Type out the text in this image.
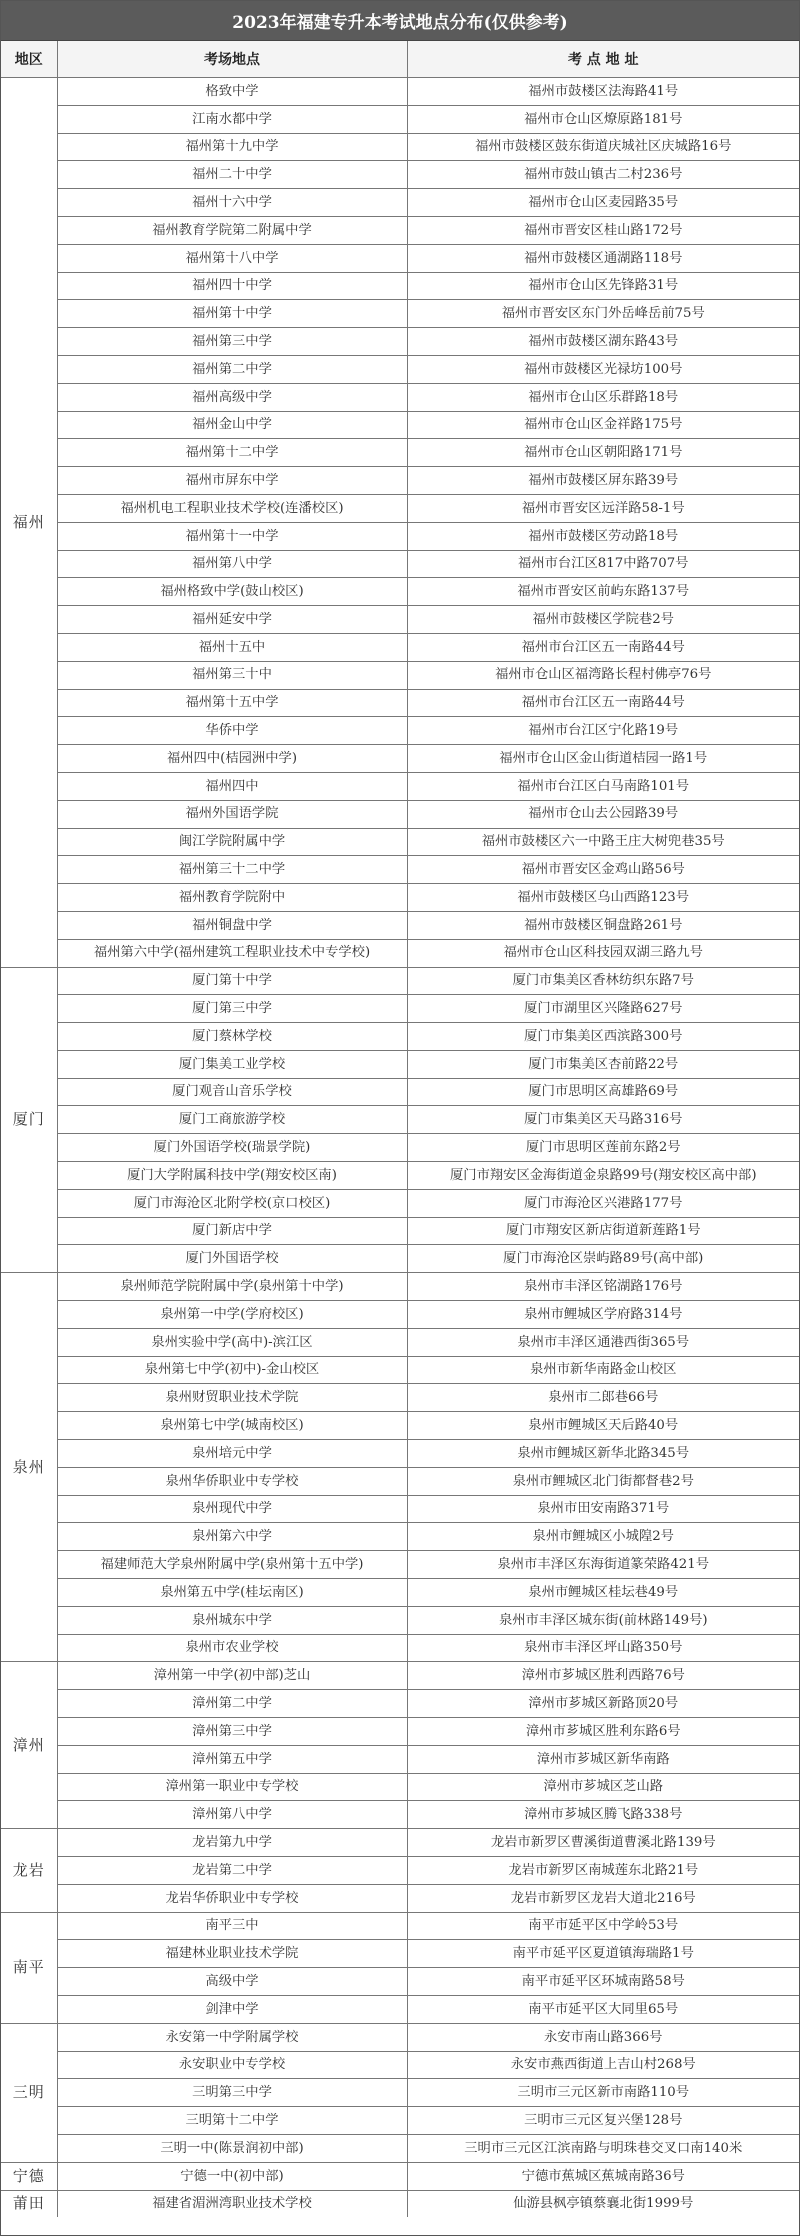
2023年福建专升本考试地点分布(仅供参考)
地区	考场地点	考 点 地 址
福州	格致中学	福州市鼓楼区法海路41号
	江南水都中学	福州市仓山区燎原路181号
	福州第十九中学	福州市鼓楼区鼓东街道庆城社区庆城路16号
	福州二十中学	福州市鼓山镇古二村236号
	福州十六中学	福州市仓山区麦园路35号
	福州教育学院第二附属中学	福州市晋安区桂山路172号
	福州第十八中学	福州市鼓楼区通湖路118号
	福州四十中学	福州市仓山区先锋路31号
	福州第十中学	福州市晋安区东门外岳峰岳前75号
	福州第三中学	福州市鼓楼区湖东路43号
	福州第二中学	福州市鼓楼区光禄坊100号
	福州高级中学	福州市仓山区乐群路18号
	福州金山中学	福州市仓山区金祥路175号
	福州第十二中学	福州市仓山区朝阳路171号
	福州市屏东中学	福州市鼓楼区屏东路39号
	福州机电工程职业技术学校(连潘校区)	福州市晋安区远洋路58-1号
	福州第十一中学	福州市鼓楼区劳动路18号
	福州第八中学	福州市台江区817中路707号
	福州格致中学(鼓山校区)	福州市晋安区前屿东路137号
	福州延安中学	福州市鼓楼区学院巷2号
	福州十五中	福州市台江区五一南路44号
	福州第三十中	福州市仓山区福湾路长程村佛亭76号
	福州第十五中学	福州市台江区五一南路44号
	华侨中学	福州市台江区宁化路19号
	福州四中(桔园洲中学)	福州市仓山区金山街道桔园一路1号
	福州四中	福州市台江区白马南路101号
	福州外国语学院	福州市仓山去公园路39号
	闽江学院附属中学	福州市鼓楼区六一中路王庄大树兜巷35号
	福州第三十二中学	福州市晋安区金鸡山路56号
	福州教育学院附中	福州市鼓楼区乌山西路123号
	福州铜盘中学	福州市鼓楼区铜盘路261号
	福州第六中学(福州建筑工程职业技术中专学校)	福州市仓山区科技园双湖三路九号
厦门	厦门第十中学	厦门市集美区香林纺织东路7号
	厦门第三中学	厦门市湖里区兴隆路627号
	厦门蔡林学校	厦门市集美区西滨路300号
	厦门集美工业学校	厦门市集美区杏前路22号
	厦门观音山音乐学校	厦门市思明区高雄路69号
	厦门工商旅游学校	厦门市集美区天马路316号
	厦门外国语学校(瑞景学院)	厦门市思明区莲前东路2号
	厦门大学附属科技中学(翔安校区南)	厦门市翔安区金海街道金泉路99号(翔安校区高中部)
	厦门市海沧区北附学校(京口校区)	厦门市海沧区兴港路177号
	厦门新店中学	厦门市翔安区新店街道新莲路1号
	厦门外国语学校	厦门市海沧区崇屿路89号(高中部)
泉州	泉州师范学院附属中学(泉州第十中学)	泉州市丰泽区铭湖路176号
	泉州第一中学(学府校区)	泉州市鲤城区学府路314号
	泉州实验中学(高中)-滨江区	泉州市丰泽区通港西街365号
	泉州第七中学(初中)-金山校区	泉州市新华南路金山校区
	泉州财贸职业技术学院	泉州市二郎巷66号
	泉州第七中学(城南校区)	泉州市鲤城区天后路40号
	泉州培元中学	泉州市鲤城区新华北路345号
	泉州华侨职业中专学校	泉州市鲤城区北门街都督巷2号
	泉州现代中学	泉州市田安南路371号
	泉州第六中学	泉州市鲤城区小城隍2号
	福建师范大学泉州附属中学(泉州第十五中学)	泉州市丰泽区东海街道篆荣路421号
	泉州第五中学(桂坛南区)	泉州市鲤城区桂坛巷49号
	泉州城东中学	泉州市丰泽区城东街(前林路149号)
	泉州市农业学校	泉州市丰泽区坪山路350号
漳州	漳州第一中学(初中部)芝山	漳州市芗城区胜利西路76号
	漳州第二中学	漳州市芗城区新路顶20号
	漳州第三中学	漳州市芗城区胜利东路6号
	漳州第五中学	漳州市芗城区新华南路
	漳州第一职业中专学校	漳州市芗城区芝山路
	漳州第八中学	漳州市芗城区腾飞路338号
龙岩	龙岩第九中学	龙岩市新罗区曹溪街道曹溪北路139号
	龙岩第二中学	龙岩市新罗区南城莲东北路21号
	龙岩华侨职业中专学校	龙岩市新罗区龙岩大道北216号
南平	南平三中	南平市延平区中学岭53号
	福建林业职业技术学院	南平市延平区夏道镇海瑞路1号
	高级中学	南平市延平区环城南路58号
	剑津中学	南平市延平区大同里65号
三明	永安第一中学附属学校	永安市南山路366号
	永安职业中专学校	永安市燕西街道上吉山村268号
	三明第三中学	三明市三元区新市南路110号
	三明第十二中学	三明市三元区复兴堡128号
	三明一中(陈景润初中部)	三明市三元区江滨南路与明珠巷交叉口南140米
宁德	宁德一中(初中部)	宁德市蕉城区蕉城南路36号
莆田	福建省湄洲湾职业技术学校	仙游县枫亭镇蔡襄北街1999号
